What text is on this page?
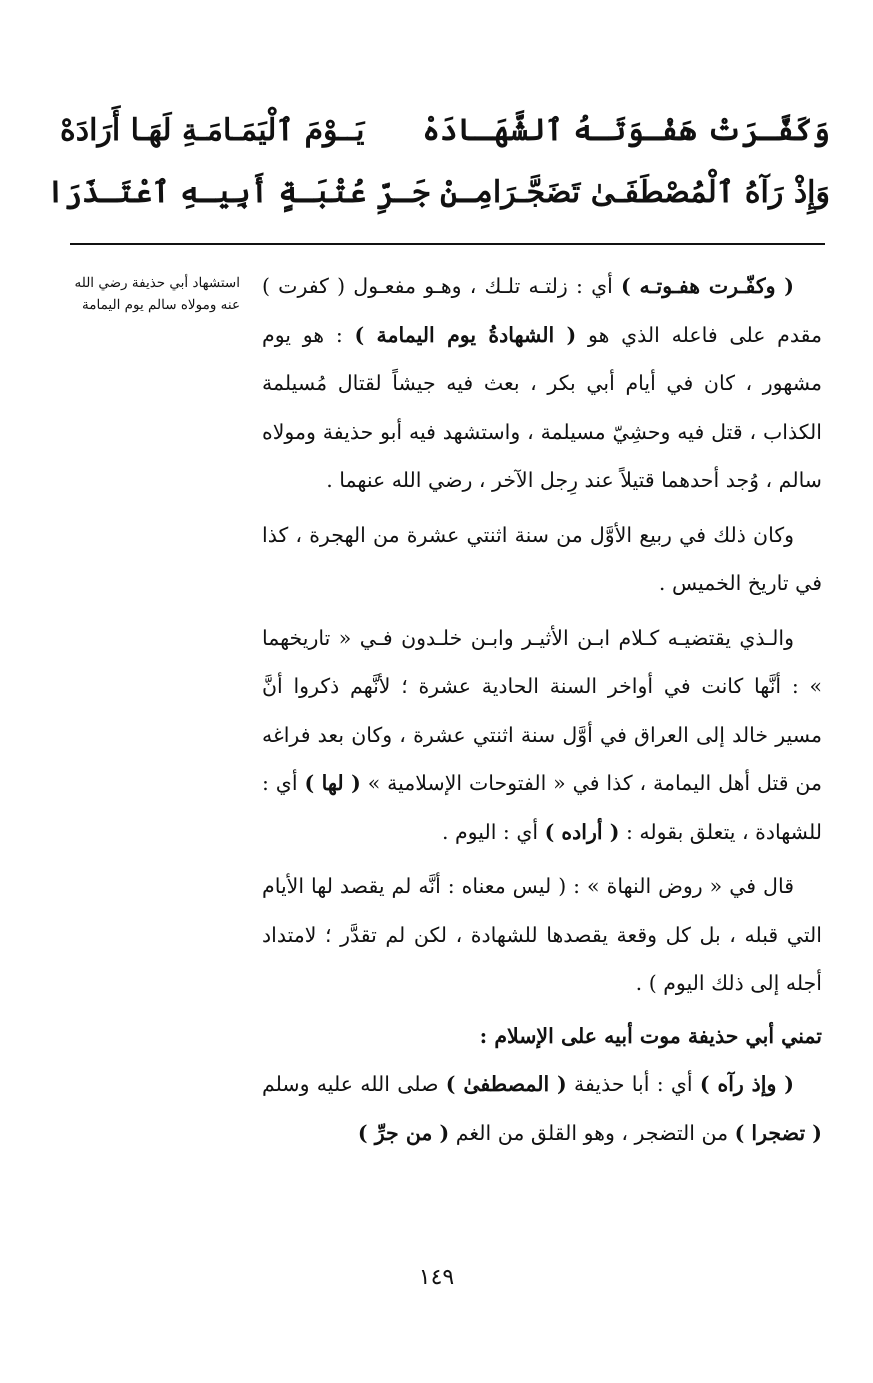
وَكَفَّـرَتْ هَفْـوَتَـهُ ٱلشَّهَـادَهْ
يَــوْمَ ٱلْيَمَـامَـةِ لَهَـا أَرَادَهْ
وَإِذْ رَآهُ ٱلْمُصْطَفَـىٰ تَضَجَّـرَا
مِـنْ جَـرِّ عُتْبَـةٍ أَبِيـهِ ٱعْتَـذَرَا
استشهاد أبي حذيفة رضي الله عنه ومولاه سالم يوم اليمامة

( وكفّـرت هفـوتـه ) أي : زلتـه تلـك ، وهـو مفعـول ( كفرت ) مقدم على فاعله الذي هو ( الشهادةُ يوم اليمامة ) : هو يوم مشهور ، كان في أيام أبي بكر ، بعث فيه جيشاً لقتال مُسيلمة الكذاب ، قتل فيه وحشِيّ مسيلمة ، واستشهد فيه أبو حذيفة ومولاه سالم ، وُجد أحدهما قتيلاً عند رِجل الآخر ، رضي الله عنهما .

وكان ذلك في ربيع الأوَّل من سنة اثنتي عشرة من الهجرة ، كذا في تاريخ الخميس .

والـذي يقتضيـه كـلام ابـن الأثيـر وابـن خلـدون فـي « تاريخهما » : أنَّها كانت في أواخر السنة الحادية عشرة ؛ لأنَّهم ذكروا أنَّ مسير خالد إلى العراق في أوَّل سنة اثنتي عشرة ، وكان بعد فراغه من قتل أهل اليمامة ، كذا في « الفتوحات الإسلامية » ( لها ) أي : للشهادة ، يتعلق بقوله : ( أراده ) أي : اليوم .

قال في « روض النهاة » : ( ليس معناه : أنَّه لم يقصد لها الأيام التي قبله ، بل كل وقعة يقصدها للشهادة ، لكن لم تقدَّر ؛ لامتداد أجله إلى ذلك اليوم ) .

تمني أبي حذيفة موت أبيه على الإسلام :

( وإذ رآه ) أي : أبا حذيفة ( المصطفىٰ ) صلى الله عليه وسلم ( تضجرا ) من التضجر ، وهو القلق من الغم ( من جرِّ )

١٤٩
